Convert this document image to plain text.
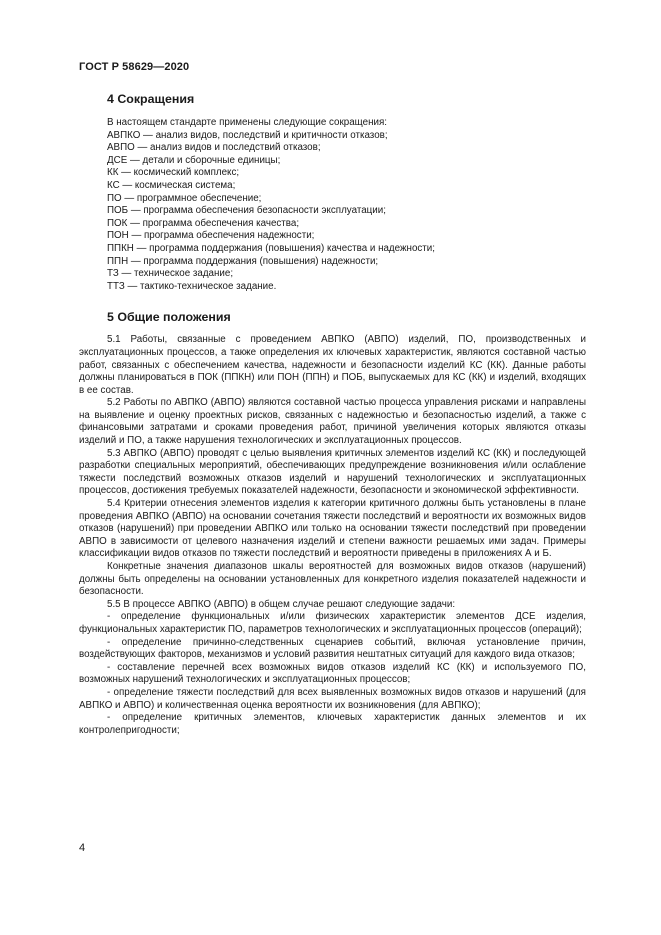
ГОСТ Р 58629—2020
4 Сокращения

В настоящем стандарте применены следующие сокращения:

АВПКО — анализ видов, последствий и критичности отказов;
АВПО — анализ видов и последствий отказов;
ДСЕ — детали и сборочные единицы;
КК — космический комплекс;
КС — космическая система;
ПО — программное обеспечение;
ПОБ — программа обеспечения безопасности эксплуатации;
ПОК — программа обеспечения качества;
ПОН — программа обеспечения надежности;
ППКН — программа поддержания (повышения) качества и надежности;
ППН — программа поддержания (повышения) надежности;
ТЗ — техническое задание;
ТТЗ — тактико-техническое задание.
5 Общие положения

5.1 Работы, связанные с проведением АВПКО (АВПО) изделий, ПО, производственных и эксплуатационных процессов, а также определения их ключевых характеристик, являются составной частью работ, связанных с обеспечением качества, надежности и безопасности изделий КС (КК). Данные работы должны планироваться в ПОК (ППКН) или ПОН (ППН) и ПОБ, выпускаемых для КС (КК) и изделий, входящих в ее состав.

5.2 Работы по АВПКО (АВПО) являются составной частью процесса управления рисками и направлены на выявление и оценку проектных рисков, связанных с надежностью и безопасностью изделий, а также с финансовыми затратами и сроками проведения работ, причиной увеличения которых являются отказы изделий и ПО, а также нарушения технологических и эксплуатационных процессов.

5.3 АВПКО (АВПО) проводят с целью выявления критичных элементов изделий КС (КК) и последующей разработки специальных мероприятий, обеспечивающих предупреждение возникновения и/или ослабление тяжести последствий возможных отказов изделий и нарушений технологических и эксплуатационных процессов, достижения требуемых показателей надежности, безопасности и экономической эффективности.

5.4 Критерии отнесения элементов изделия к категории критичного должны быть установлены в плане проведения АВПКО (АВПО) на основании сочетания тяжести последствий и вероятности их возможных видов отказов (нарушений) при проведении АВПКО или только на основании тяжести последствий при проведении АВПО в зависимости от целевого назначения изделий и степени важности решаемых ими задач. Примеры классификации видов отказов по тяжести последствий и вероятности приведены в приложениях А и Б.

Конкретные значения диапазонов шкалы вероятностей для возможных видов отказов (нарушений) должны быть определены на основании установленных для конкретного изделия показателей надежности и безопасности.

5.5 В процессе АВПКО (АВПО) в общем случае решают следующие задачи:

- определение функциональных и/или физических характеристик элементов ДСЕ изделия, функциональных характеристик ПО, параметров технологических и эксплуатационных процессов (операций);

- определение причинно-следственных сценариев событий, включая установление причин, воздействующих факторов, механизмов и условий развития нештатных ситуаций для каждого вида отказов;

- составление перечней всех возможных видов отказов изделий КС (КК) и используемого ПО, возможных нарушений технологических и эксплуатационных процессов;

- определение тяжести последствий для всех выявленных возможных видов отказов и нарушений (для АВПКО и АВПО) и количественная оценка вероятности их возникновения (для АВПКО);

- определение критичных элементов, ключевых характеристик данных элементов и их контролепригодности;

4
